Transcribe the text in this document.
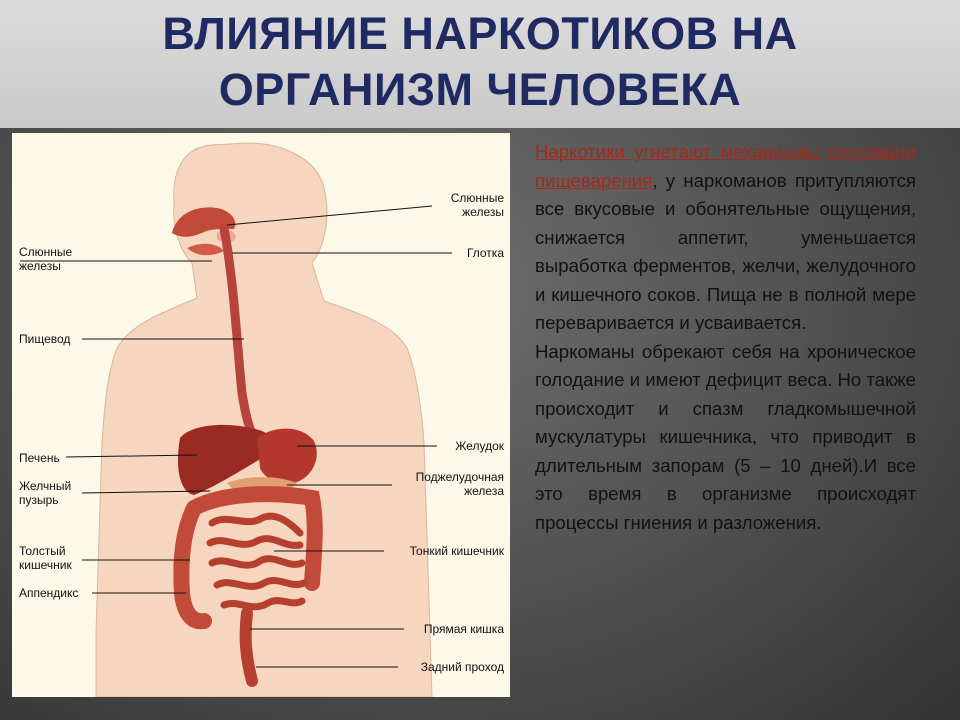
ВЛИЯНИЕ НАРКОТИКОВ НА
ОРГАНИЗМ ЧЕЛОВЕКА
Слюнные
железы
Пищевод
Печень
Желчный
пузырь
Толстый
кишечник
Аппендикс
Слюнные
железы
Глотка
Желудок
Поджелудочная
железа
Тонкий кишечник
Прямая кишка
Задний проход

Наркотики угнетают механизмы регуляции пищеварения, у наркоманов притупляются все вкусовые и обонятельные ощущения, снижается аппетит, уменьшается выработка ферментов, желчи, желудочного и кишечного соков. Пища не в полной мере переваривается и усваивается.

Наркоманы обрекают себя на хроническое голодание и имеют дефицит веса. Но также происходит и спазм гладкомышечной мускулатуры кишечника, что приводит в длительным запорам (5 – 10 дней).И все это время в организме происходят процессы гниения и разложения.
